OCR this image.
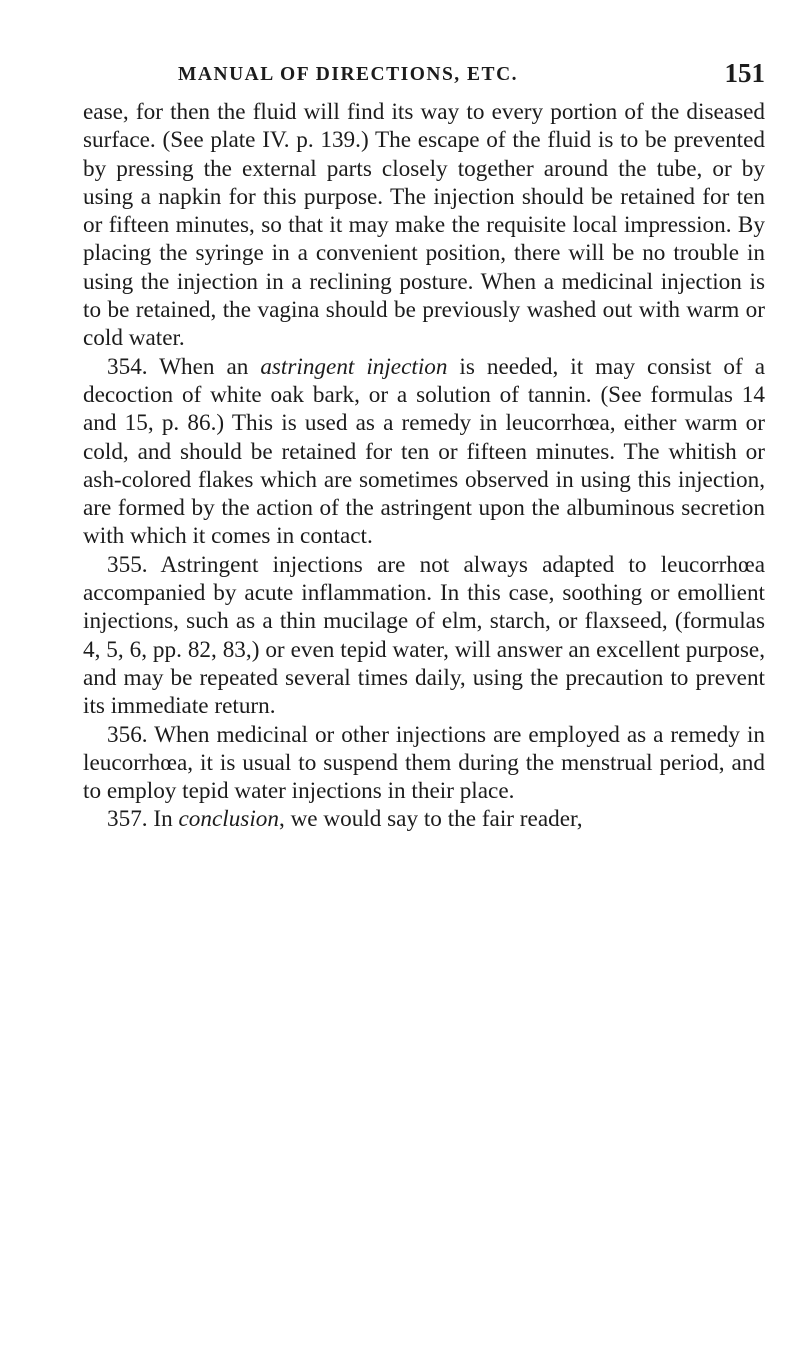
MANUAL OF DIRECTIONS, ETC.	151

ease, for then the fluid will find its way to every portion of the diseased surface. (See plate IV. p. 139.) The escape of the fluid is to be prevented by pressing the external parts closely together around the tube, or by using a napkin for this purpose. The injection should be retained for ten or fifteen minutes, so that it may make the requisite local impression. By placing the syringe in a convenient position, there will be no trouble in using the injection in a reclining posture. When a medicinal injection is to be retained, the vagina should be previously washed out with warm or cold water.

354. When an astringent injection is needed, it may consist of a decoction of white oak bark, or a solution of tannin. (See formulas 14 and 15, p. 86.) This is used as a remedy in leucorrhœa, either warm or cold, and should be retained for ten or fifteen minutes. The whitish or ash-colored flakes which are sometimes observed in using this injection, are formed by the action of the astringent upon the albuminous secretion with which it comes in contact.

355. Astringent injections are not always adapted to leucorrhœa accompanied by acute inflammation. In this case, soothing or emollient injections, such as a thin mucilage of elm, starch, or flaxseed, (formulas 4, 5, 6, pp. 82, 83,) or even tepid water, will answer an excellent purpose, and may be repeated several times daily, using the precaution to prevent its immediate return.

356. When medicinal or other injections are employed as a remedy in leucorrhœa, it is usual to suspend them during the menstrual period, and to employ tepid water injections in their place.

357. In conclusion, we would say to the fair reader,
